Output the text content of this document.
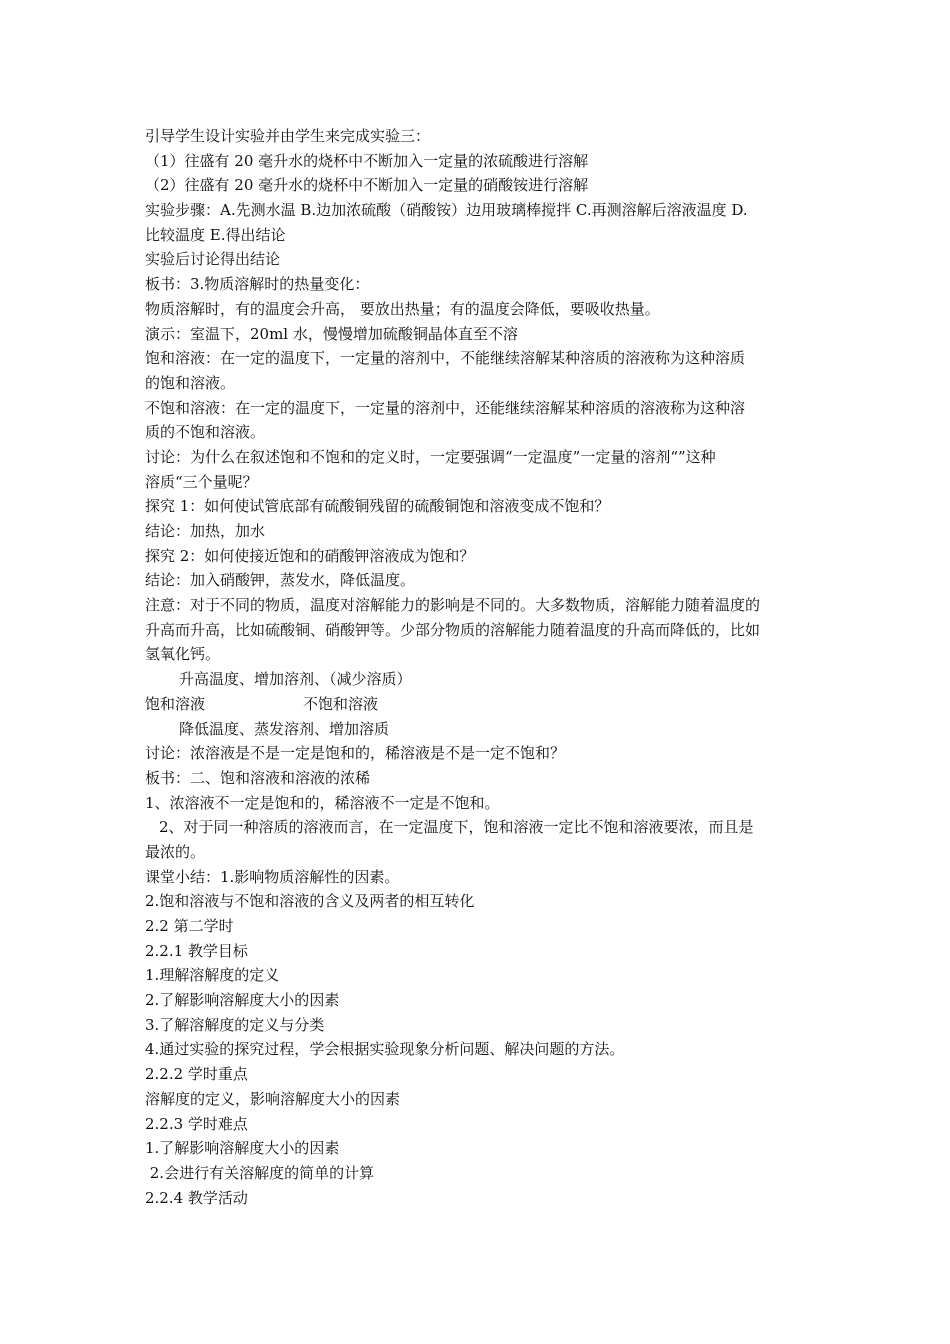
引导学生设计实验并由学生来完成实验三：
（1）往盛有 20 毫升水的烧杯中不断加入一定量的浓硫酸进行溶解
（2）往盛有 20 毫升水的烧杯中不断加入一定量的硝酸铵进行溶解
实验步骤：A.先测水温 B.边加浓硫酸（硝酸铵）边用玻璃棒搅拌 C.再测溶解后溶液温度 D.
比较温度 E.得出结论
实验后讨论得出结论
板书：3.物质溶解时的热量变化：
物质溶解时，有的温度会升高， 要放出热量；有的温度会降低，要吸收热量。
演示：室温下，20ml 水，慢慢增加硫酸铜晶体直至不溶
饱和溶液：在一定的温度下，一定量的溶剂中，不能继续溶解某种溶质的溶液称为这种溶质
的饱和溶液。
不饱和溶液：在一定的温度下，一定量的溶剂中，还能继续溶解某种溶质的溶液称为这种溶
质的不饱和溶液。
讨论：为什么在叙述饱和不饱和的定义时，一定要强调“一定温度”一定量的溶剂“”这种
溶质“三个量呢？
探究 1：如何使试管底部有硫酸铜残留的硫酸铜饱和溶液变成不饱和？
结论：加热，加水
探究 2：如何使接近饱和的硝酸钾溶液成为饱和？
结论：加入硝酸钾，蒸发水，降低温度。
注意：对于不同的物质，温度对溶解能力的影响是不同的。大多数物质，溶解能力随着温度的
升高而升高，比如硫酸铜、硝酸钾等。少部分物质的溶解能力随着温度的升高而降低的，比如
氢氧化钙。
升高温度、增加溶剂、（减少溶质）
饱和溶液	不饱和溶液
降低温度、蒸发溶剂、增加溶质
讨论：浓溶液是不是一定是饱和的，稀溶液是不是一定不饱和？
板书：二、饱和溶液和溶液的浓稀
1、浓溶液不一定是饱和的，稀溶液不一定是不饱和。
2、对于同一种溶质的溶液而言，在一定温度下，饱和溶液一定比不饱和溶液要浓，而且是
最浓的。
课堂小结：1.影响物质溶解性的因素。
2.饱和溶液与不饱和溶液的含义及两者的相互转化
2.2 第二学时
2.2.1 教学目标
1.理解溶解度的定义
2.了解影响溶解度大小的因素
3.了解溶解度的定义与分类
4.通过实验的探究过程，学会根据实验现象分析问题、解决问题的方法。
2.2.2 学时重点
溶解度的定义，影响溶解度大小的因素
2.2.3 学时难点
1.了解影响溶解度大小的因素
2.会进行有关溶解度的简单的计算
2.2.4 教学活动
